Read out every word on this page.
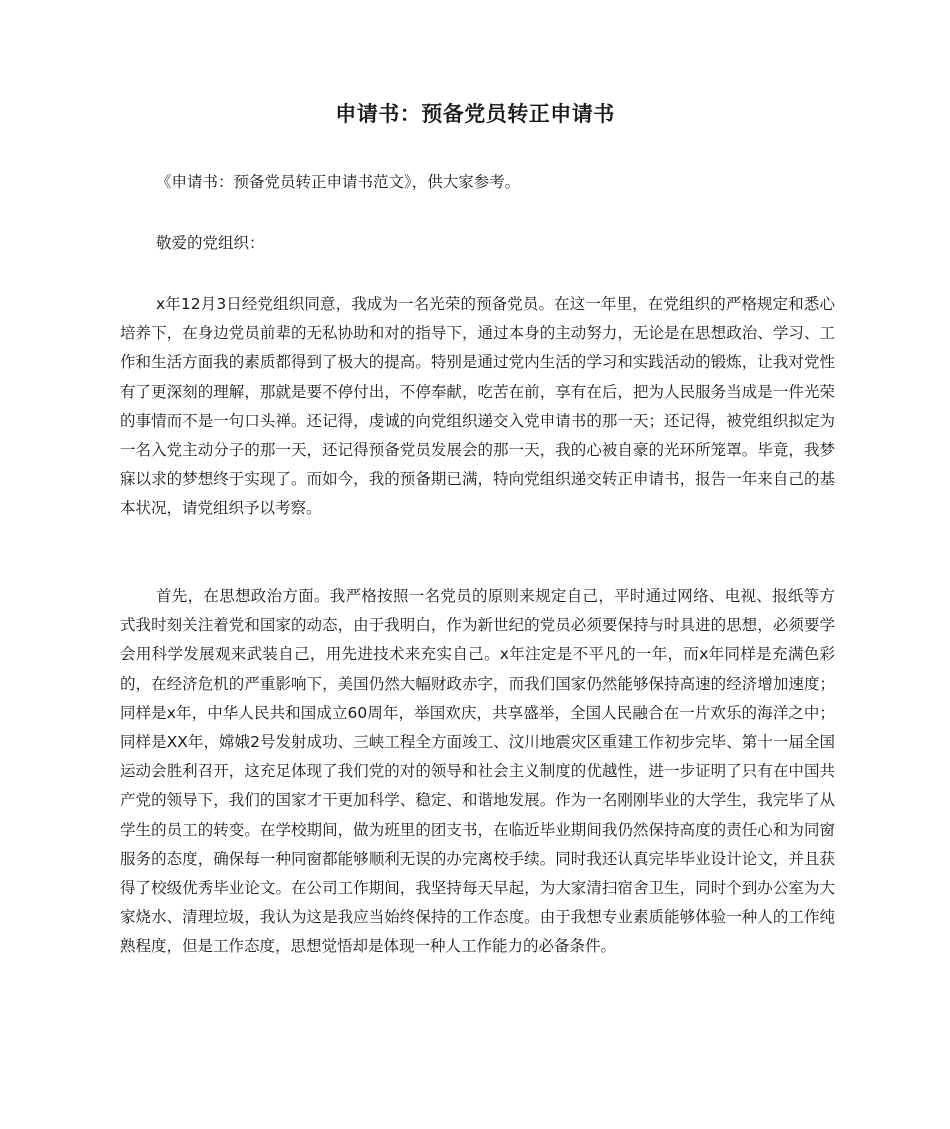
申请书：预备党员转正申请书

《申请书：预备党员转正申请书范文》，供大家参考。

敬爱的党组织：

x年12月3日经党组织同意，我成为一名光荣的预备党员。在这一年里，在党组织的严格规定和悉心培养下，在身边党员前辈的无私协助和对的指导下，通过本身的主动努力，无论是在思想政治、学习、工作和生活方面我的素质都得到了极大的提高。特别是通过党内生活的学习和实践活动的锻炼，让我对党性有了更深刻的理解，那就是要不停付出，不停奉献，吃苦在前，享有在后，把为人民服务当成是一件光荣的事情而不是一句口头禅。还记得，虔诚的向党组织递交入党申请书的那一天；还记得，被党组织拟定为一名入党主动分子的那一天，还记得预备党员发展会的那一天，我的心被自豪的光环所笼罩。毕竟，我梦寐以求的梦想终于实现了。而如今，我的预备期已满，特向党组织递交转正申请书，报告一年来自己的基本状况，请党组织予以考察。

首先，在思想政治方面。我严格按照一名党员的原则来规定自己，平时通过网络、电视、报纸等方式我时刻关注着党和国家的动态，由于我明白，作为新世纪的党员必须要保持与时具进的思想，必须要学会用科学发展观来武装自己，用先进技术来充实自己。x年注定是不平凡的一年，而x年同样是充满色彩的，在经济危机的严重影响下，美国仍然大幅财政赤字，而我们国家仍然能够保持高速的经济增加速度；同样是x年，中华人民共和国成立60周年，举国欢庆，共享盛举，全国人民融合在一片欢乐的海洋之中；同样是XX年，嫦娥2号发射成功、三峡工程全方面竣工、汶川地震灾区重建工作初步完毕、第十一届全国运动会胜利召开，这充足体现了我们党的对的领导和社会主义制度的优越性，进一步证明了只有在中国共产党的领导下，我们的国家才干更加科学、稳定、和谐地发展。作为一名刚刚毕业的大学生，我完毕了从学生的员工的转变。在学校期间，做为班里的团支书，在临近毕业期间我仍然保持高度的责任心和为同窗服务的态度，确保每一种同窗都能够顺利无误的办完离校手续。同时我还认真完毕毕业设计论文，并且获得了校级优秀毕业论文。在公司工作期间，我坚持每天早起，为大家清扫宿舍卫生，同时个到办公室为大家烧水、清理垃圾，我认为这是我应当始终保持的工作态度。由于我想专业素质能够体验一种人的工作纯熟程度，但是工作态度，思想觉悟却是体现一种人工作能力的必备条件。
